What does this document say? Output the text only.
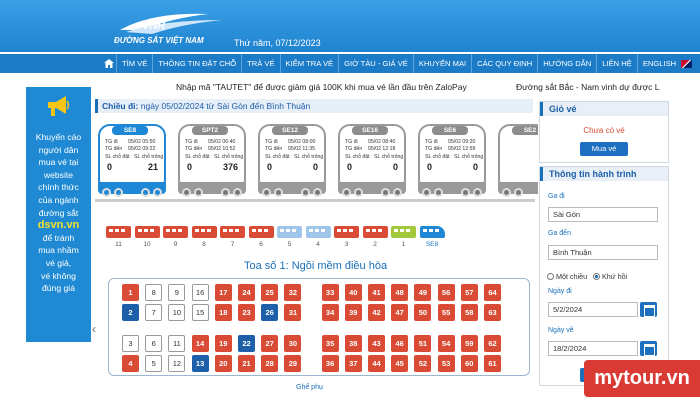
VNR
ĐƯỜNG SẮT VIỆT NAM	Thứ năm, 07/12/2023
TÌM VÉ	THÔNG TIN ĐẶT CHỖ	TRẢ VÉ	KIỂM TRA VÉ	GIỜ TÀU - GIÁ VÉ	KHUYẾN MẠI	CÁC QUY ĐỊNH	HƯỚNG DẪN	LIÊN HỆ	ENGLISH
Nhập mã "TAUTET" để được giảm giá 100K khi mua vé lần đầu trên ZaloPay	Đường sắt Bắc - Nam vinh dự được L
Khuyến cáo
người dân
mua vé tại
website
chính thức
của ngành
đường sắt
dsvn.vn
để tránh
mua nhầm
vé giả,
vé không
đúng giá
Chiều đi: ngày 05/02/2024 từ Sài Gòn đến Bình Thuận
SE8
TG đi 05/02 05:50
TG đến 05/02 09:22
SL chỗ đặt SL chỗ trống
0	21
SPT2
TG đi 05/02 06:40
TG đến 05/02 10:52
SL chỗ đặt SL chỗ trống
0	376
SE12
TG đi 05/02 08:00
TG đến 05/02 11:35
SL chỗ đặt SL chỗ trống
0	0
SE16
TG đi 05/02 08:40
TG đến 05/02 12:18
SL chỗ đặt SL chỗ trống
0	0
SE6
TG đi 05/02 09:20
TG đến 05/02 12:59
SL chỗ đặt SL chỗ trống
0	0
SE2
11	10	9	8	7	6	5	4	3	2	1	SE8
Toa số 1: Ngồi mềm điều hòa
‹
1	8	9	16	17	24	25	32	33	40	41	48	49	56	57	64
2	7	10	15	18	23	26	31	34	39	42	47	50	55	58	63
3	6	11	14	19	22	27	30	35	38	43	46	51	54	59	62
4	5	12	13	20	21	28	29	36	37	44	45	52	53	60	61
Ghế phụ
Giỏ vé
Chưa có vé
Mua vé
Thông tin hành trình
Ga đi
Sài Gòn
Ga đến
Bình Thuận
Một chiều	Khứ hồi
Ngày đi
5/2/2024
Ngày về
18/2/2024
mytour.vn
